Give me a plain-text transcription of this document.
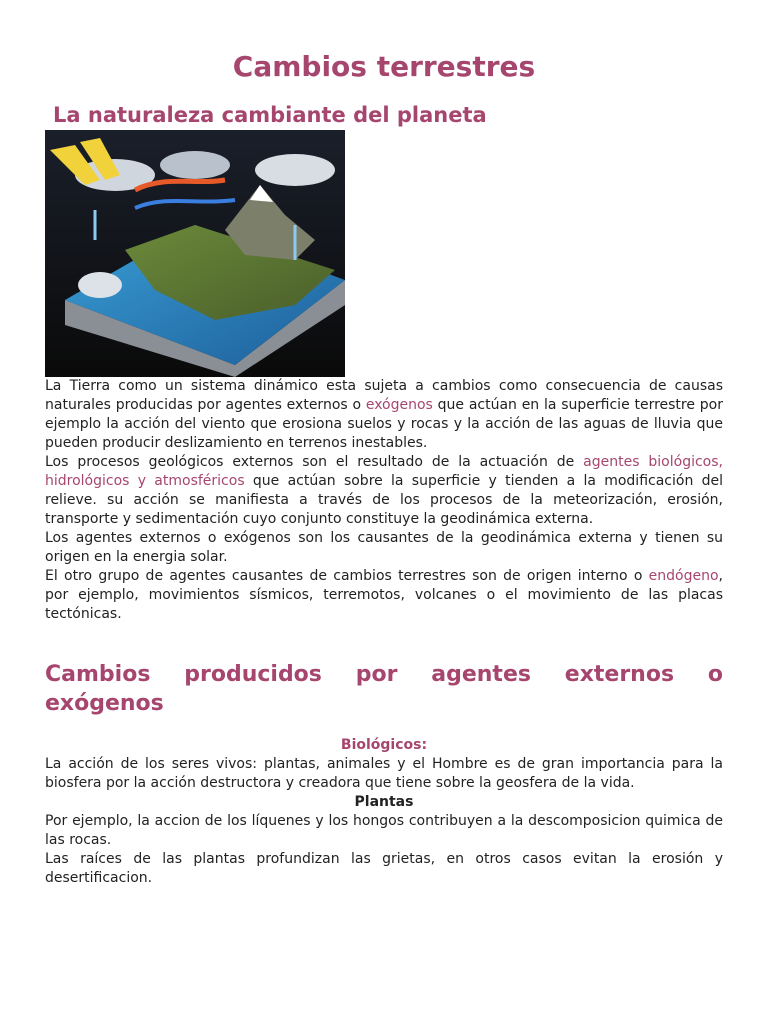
Cambios terrestres
La naturaleza cambiante del planeta

La Tierra como un sistema dinámico esta sujeta a cambios como consecuencia de causas naturales producidas por agentes externos o exógenos que actúan en la superficie terrestre por ejemplo la acción del viento que erosiona suelos y rocas y la acción de las aguas de lluvia que pueden producir deslizamiento en terrenos inestables.

Los procesos geológicos externos son el resultado de la actuación de agentes biológicos, hidrológicos y atmosféricos que actúan sobre la superficie y tienden a la modificación del relieve. su acción se manifiesta a través de los procesos de la meteorización, erosión, transporte y sedimentación cuyo conjunto constituye la geodinámica externa.

Los agentes externos o exógenos son los causantes de la geodinámica externa y tienen su origen en la energia solar.

El otro grupo de agentes causantes de cambios terrestres son de origen interno o endógeno, por ejemplo, movimientos sísmicos, terremotos, volcanes o el movimiento de las placas tectónicas.

Cambios producidos por agentes externos o
exógenos

Biológicos:

La acción de los seres vivos: plantas, animales y el Hombre es de gran importancia para la biosfera por la acción destructora y creadora que tiene sobre la geosfera de la vida.

Plantas

Por ejemplo, la accion de los líquenes y los hongos contribuyen a la descomposicion quimica de las rocas.

Las raíces de las plantas profundizan las grietas, en otros casos evitan la erosión y desertificacion.
